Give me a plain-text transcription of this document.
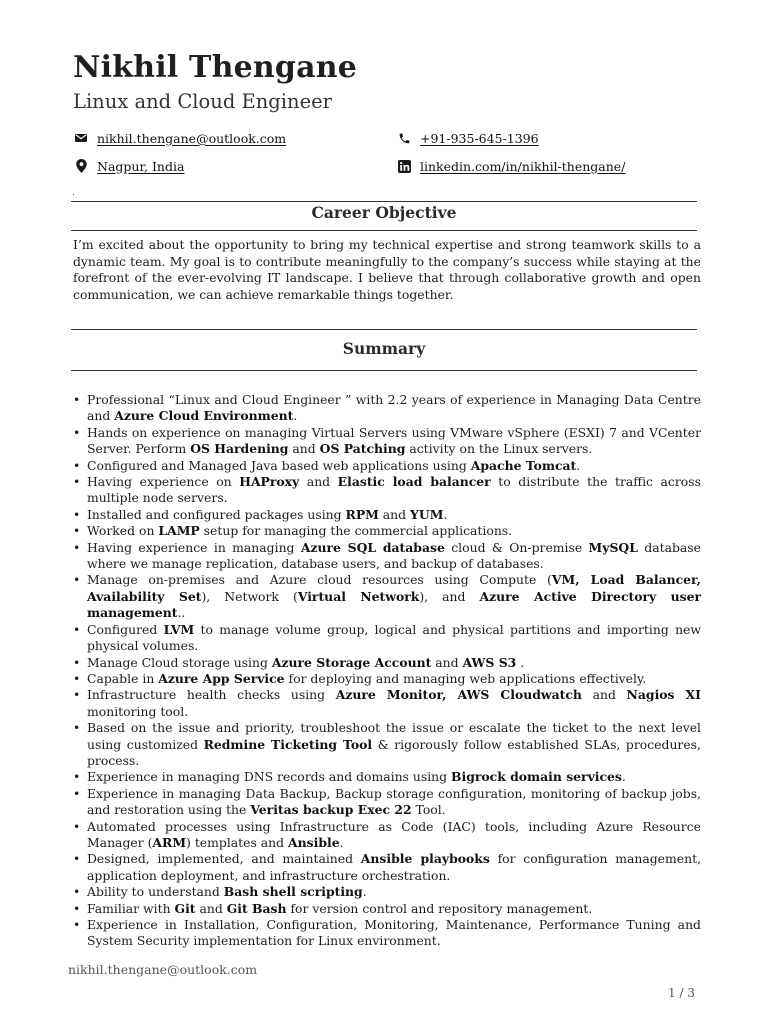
Nikhil Thengane
Linux and Cloud Engineer
nikhil.thengane@outlook.com	+91-935-645-1396
Nagpur, India	linkedin.com/in/nikhil-thengane/
.
Career Objective
I’m excited about the opportunity to bring my technical expertise and strong teamwork skills to a dynamic team. My goal is to contribute meaningfully to the company’s success while staying at the forefront of the ever-evolving IT landscape. I believe that through collaborative growth and open communication, we can achieve remarkable things together.
Summary
• Professional “Linux and Cloud Engineer ” with 2.2 years of experience in Managing Data Centre and Azure Cloud Environment.
• Hands on experience on managing Virtual Servers using VMware vSphere (ESXI) 7 and VCenter Server. Perform OS Hardening and OS Patching activity on the Linux servers.
• Configured and Managed Java based web applications using Apache Tomcat.
• Having experience on HAProxy and Elastic load balancer to distribute the traffic across multiple node servers.
• Installed and configured packages using RPM and YUM.
• Worked on LAMP setup for managing the commercial applications.
• Having experience in managing Azure SQL database cloud & On-premise MySQL database where we manage replication, database users, and backup of databases.
• Manage on-premises and Azure cloud resources using Compute (VM, Load Balancer, Availability Set), Network (Virtual Network), and Azure Active Directory user management..
• Configured LVM to manage volume group, logical and physical partitions and importing new physical volumes.
• Manage Cloud storage using Azure Storage Account and AWS S3 .
• Capable in Azure App Service for deploying and managing web applications effectively.
• Infrastructure health checks using Azure Monitor, AWS Cloudwatch and Nagios XI monitoring tool.
• Based on the issue and priority, troubleshoot the issue or escalate the ticket to the next level using customized Redmine Ticketing Tool & rigorously follow established SLAs, procedures, process.
• Experience in managing DNS records and domains using Bigrock domain services.
• Experience in managing Data Backup, Backup storage configuration, monitoring of backup jobs, and restoration using the Veritas backup Exec 22 Tool.
• Automated processes using Infrastructure as Code (IAC) tools, including Azure Resource Manager (ARM) templates and Ansible.
• Designed, implemented, and maintained Ansible playbooks for configuration management, application deployment, and infrastructure orchestration.
• Ability to understand Bash shell scripting.
• Familiar with Git and Git Bash for version control and repository management.
• Experience in Installation, Configuration, Monitoring, Maintenance, Performance Tuning and System Security implementation for Linux environment.
nikhil.thengane@outlook.com
1 / 3
